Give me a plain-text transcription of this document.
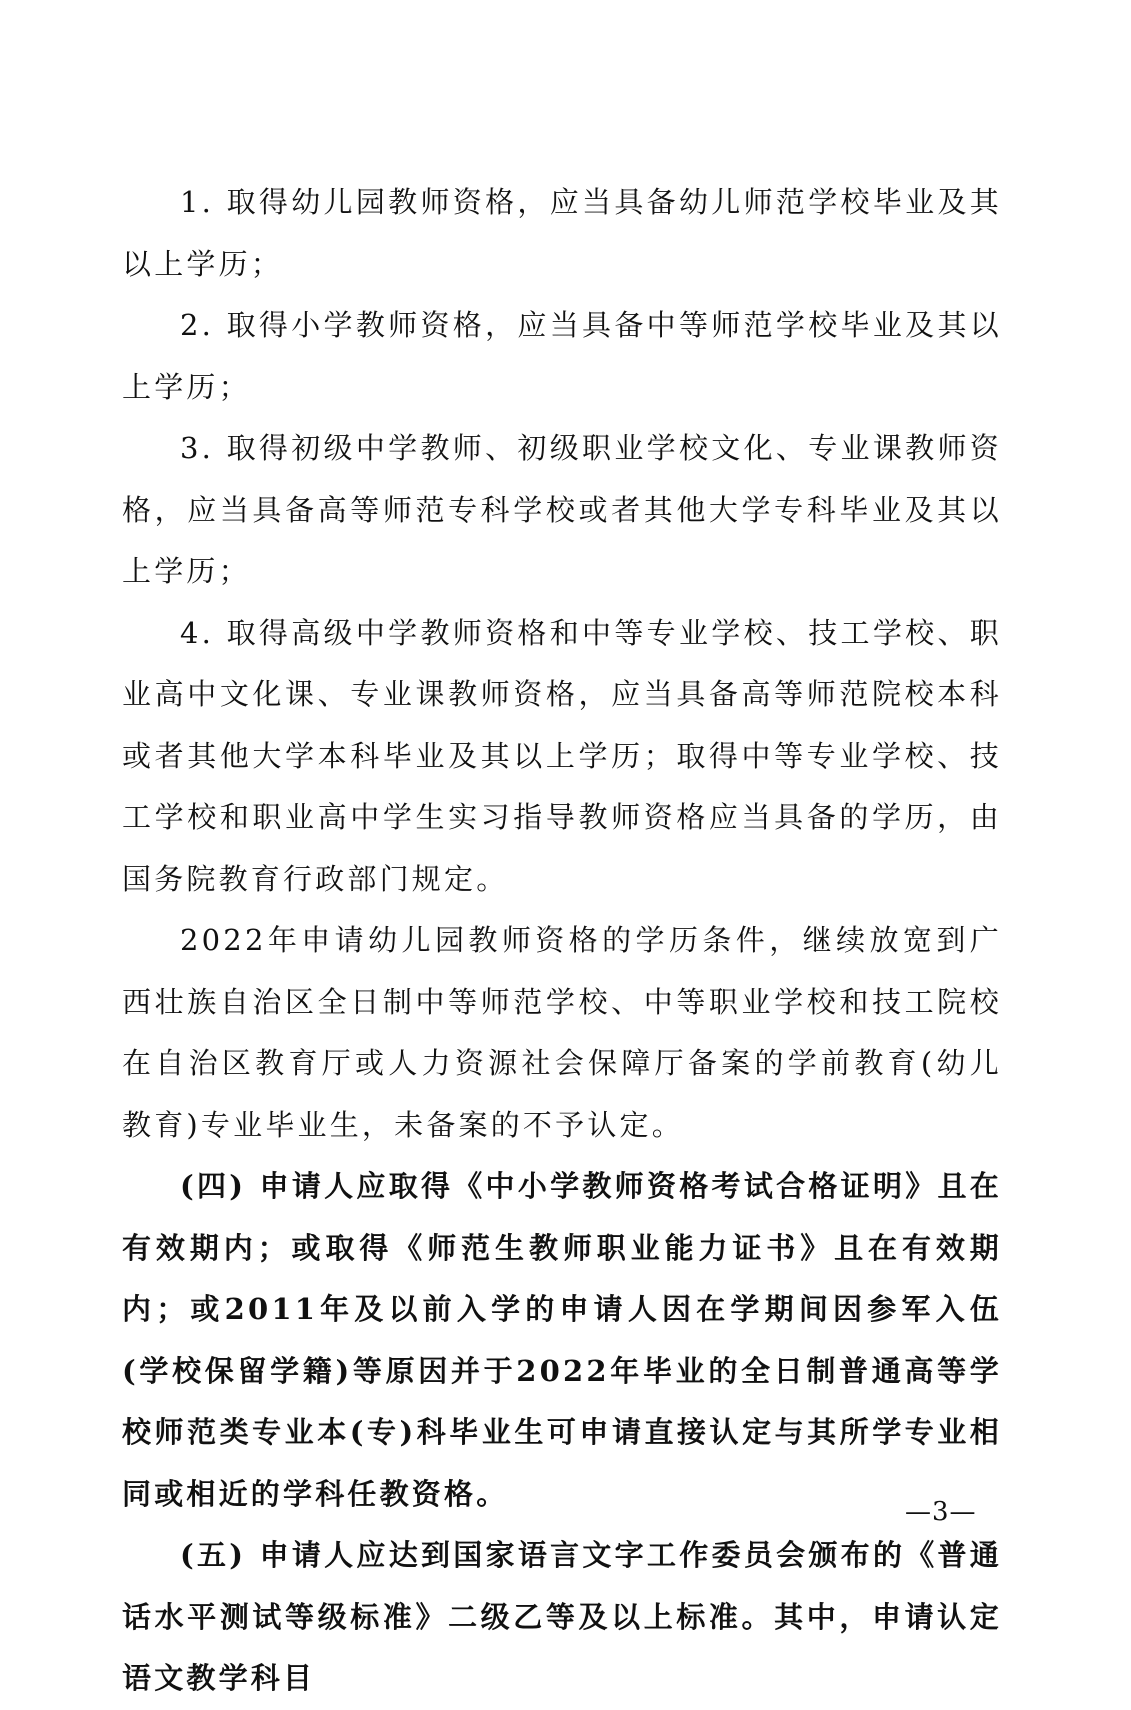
1. 取得幼儿园教师资格，应当具备幼儿师范学校毕业及其以上学历；

2. 取得小学教师资格，应当具备中等师范学校毕业及其以上学历；

3. 取得初级中学教师、初级职业学校文化、专业课教师资格，应当具备高等师范专科学校或者其他大学专科毕业及其以上学历；

4. 取得高级中学教师资格和中等专业学校、技工学校、职业高中文化课、专业课教师资格，应当具备高等师范院校本科或者其他大学本科毕业及其以上学历；取得中等专业学校、技工学校和职业高中学生实习指导教师资格应当具备的学历，由国务院教育行政部门规定。

2022年申请幼儿园教师资格的学历条件，继续放宽到广西壮族自治区全日制中等师范学校、中等职业学校和技工院校在自治区教育厅或人力资源社会保障厅备案的学前教育(幼儿教育)专业毕业生，未备案的不予认定。

(四) 申请人应取得《中小学教师资格考试合格证明》且在有效期内；或取得《师范生教师职业能力证书》且在有效期内；或2011年及以前入学的申请人因在学期间因参军入伍(学校保留学籍)等原因并于2022年毕业的全日制普通高等学校师范类专业本(专)科毕业生可申请直接认定与其所学专业相同或相近的学科任教资格。

(五) 申请人应达到国家语言文字工作委员会颁布的《普通话水平测试等级标准》二级乙等及以上标准。其中，申请认定语文教学科目

—3—
